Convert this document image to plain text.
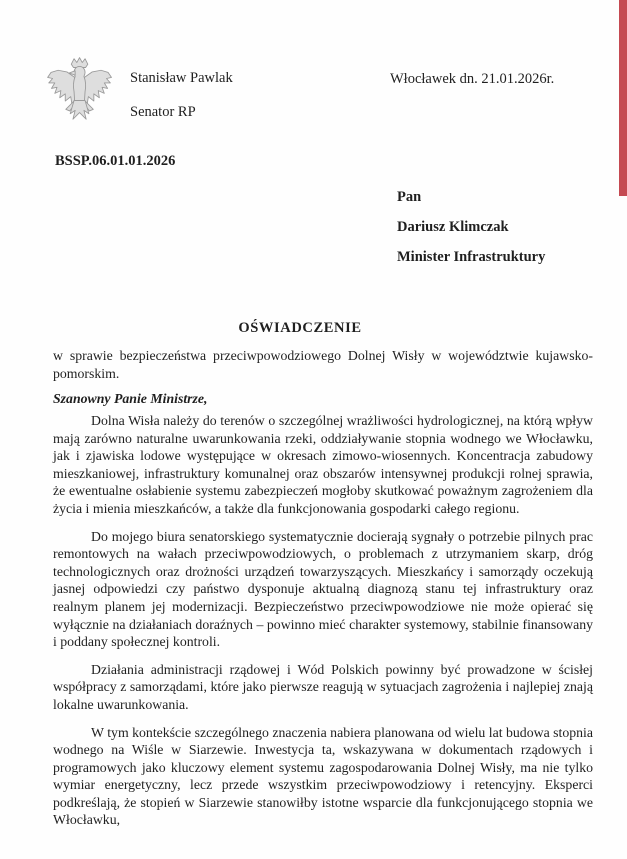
Stanisław Pawlak
Senator RP
Włocławek dn. 21.01.2026r.
BSSP.06.01.01.2026
Pan
Dariusz Klimczak
Minister Infrastruktury
OŚWIADCZENIE
w sprawie bezpieczeństwa przeciwpowodziowego Dolnej Wisły w województwie kujawsko-pomorskim.
Szanowny Panie Ministrze,

Dolna Wisła należy do terenów o szczególnej wrażliwości hydrologicznej, na którą wpływ mają zarówno naturalne uwarunkowania rzeki, oddziaływanie stopnia wodnego we Włocławku, jak i zjawiska lodowe występujące w okresach zimowo-wiosennych. Koncentracja zabudowy mieszkaniowej, infrastruktury komunalnej oraz obszarów intensywnej produkcji rolnej sprawia, że ewentualne osłabienie systemu zabezpieczeń mogłoby skutkować poważnym zagrożeniem dla życia i mienia mieszkańców, a także dla funkcjonowania gospodarki całego regionu.

Do mojego biura senatorskiego systematycznie docierają sygnały o potrzebie pilnych prac remontowych na wałach przeciwpowodziowych, o problemach z utrzymaniem skarp, dróg technologicznych oraz drożności urządzeń towarzyszących. Mieszkańcy i samorządy oczekują jasnej odpowiedzi czy państwo dysponuje aktualną diagnozą stanu tej infrastruktury oraz realnym planem jej modernizacji. Bezpieczeństwo przeciwpowodziowe nie może opierać się wyłącznie na działaniach doraźnych – powinno mieć charakter systemowy, stabilnie finansowany i poddany społecznej kontroli.

Działania administracji rządowej i Wód Polskich powinny być prowadzone w ścisłej współpracy z samorządami, które jako pierwsze reagują w sytuacjach zagrożenia i najlepiej znają lokalne uwarunkowania.

W tym kontekście szczególnego znaczenia nabiera planowana od wielu lat budowa stopnia wodnego na Wiśle w Siarzewie. Inwestycja ta, wskazywana w dokumentach rządowych i programowych jako kluczowy element systemu zagospodarowania Dolnej Wisły, ma nie tylko wymiar energetyczny, lecz przede wszystkim przeciwpowodziowy i retencyjny. Eksperci podkreślają, że stopień w Siarzewie stanowiłby istotne wsparcie dla funkcjonującego stopnia we Włocławku,
